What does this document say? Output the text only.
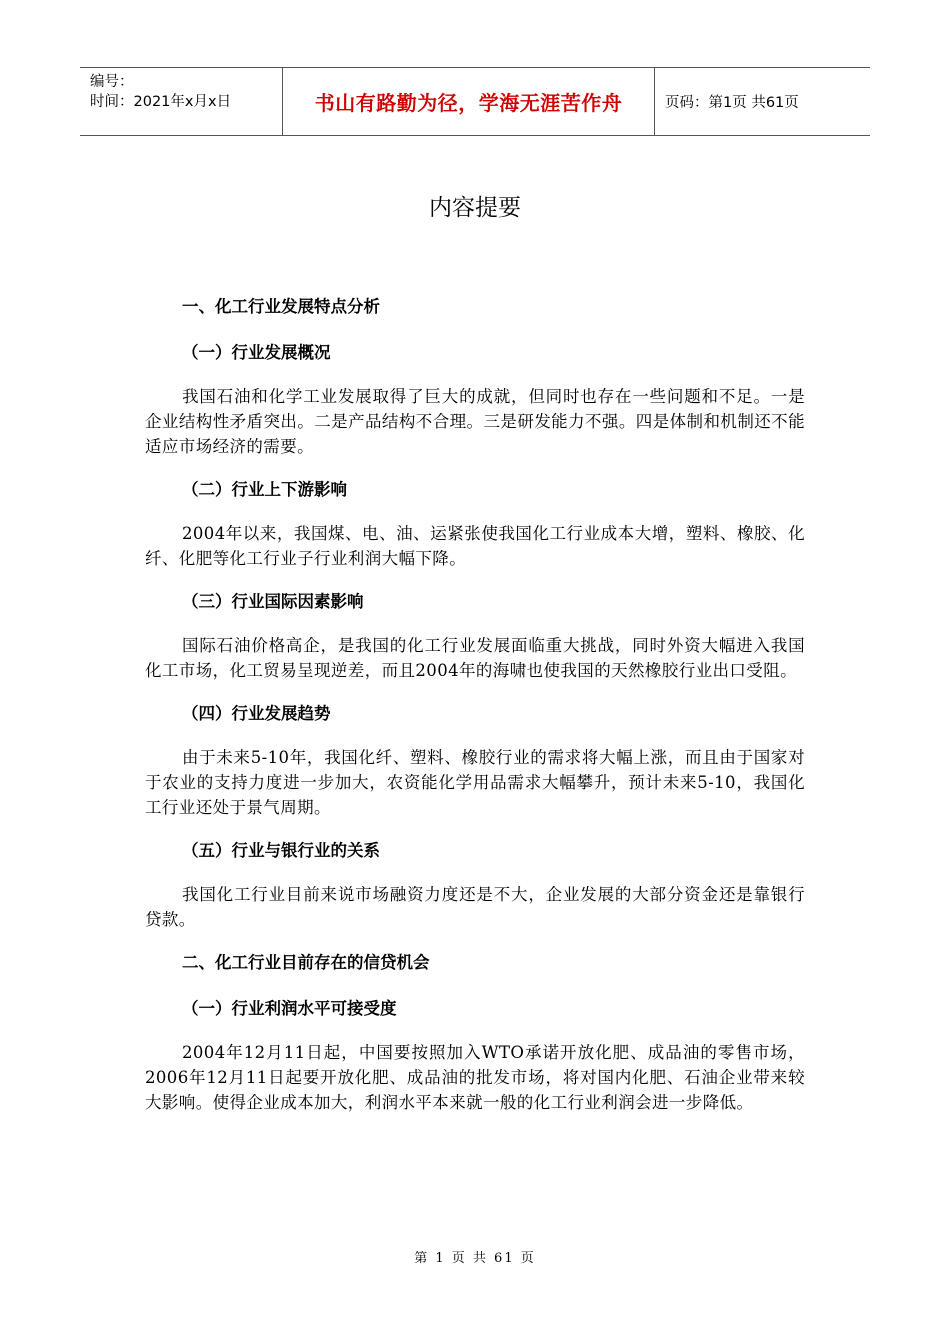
编号：
时间：2021年x月x日	书山有路勤为径，学海无涯苦作舟	页码：第1页 共61页
内容提要
一、化工行业发展特点分析
（一）行业发展概况
我国石油和化学工业发展取得了巨大的成就，但同时也存在一些问题和不足。一是企业结构性矛盾突出。二是产品结构不合理。三是研发能力不强。四是体制和机制还不能适应市场经济的需要。
（二）行业上下游影响
2004年以来，我国煤、电、油、运紧张使我国化工行业成本大增，塑料、橡胶、化纤、化肥等化工行业子行业利润大幅下降。
（三）行业国际因素影响
国际石油价格高企，是我国的化工行业发展面临重大挑战，同时外资大幅进入我国化工市场，化工贸易呈现逆差，而且2004年的海啸也使我国的天然橡胶行业出口受阻。
（四）行业发展趋势
由于未来5-10年，我国化纤、塑料、橡胶行业的需求将大幅上涨，而且由于国家对于农业的支持力度进一步加大，农资能化学用品需求大幅攀升，预计未来5-10，我国化工行业还处于景气周期。
（五）行业与银行业的关系
我国化工行业目前来说市场融资力度还是不大，企业发展的大部分资金还是靠银行贷款。
二、化工行业目前存在的信贷机会
（一）行业利润水平可接受度
2004年12月11日起，中国要按照加入WTO承诺开放化肥、成品油的零售市场，2006年12月11日起要开放化肥、成品油的批发市场，将对国内化肥、石油企业带来较大影响。使得企业成本加大，利润水平本来就一般的化工行业利润会进一步降低。
第 1 页 共 61 页
